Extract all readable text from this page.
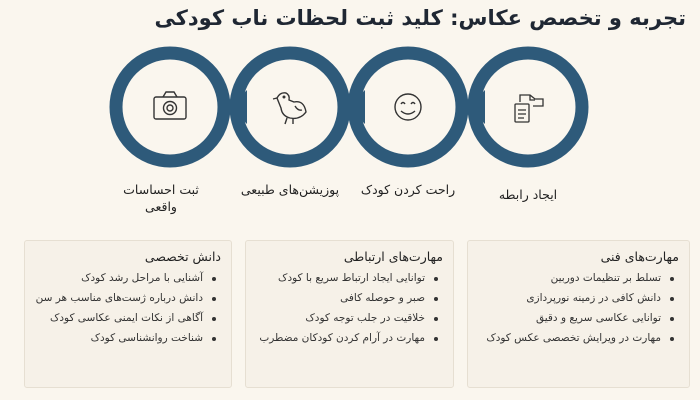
تجربه و تخصص عکاس: کلید ثبت لحظات ناب کودکی
ایجاد رابطه
راحت کردن کودک
پوزیشن‌های طبیعی
ثبت احساسات واقعی
مهارت‌های فنی
تسلط بر تنظیمات دوربین
دانش کافی در زمینه نورپردازی
توانایی عکاسی سریع و دقیق
مهارت در ویرایش تخصصی عکس کودک
مهارت‌های ارتباطی
توانایی ایجاد ارتباط سریع با کودک
صبر و حوصله کافی
خلاقیت در جلب توجه کودک
مهارت در آرام کردن کودکان مضطرب
دانش تخصصی
آشنایی با مراحل رشد کودک
دانش درباره ژست‌های مناسب هر سن
آگاهی از نکات ایمنی عکاسی کودک
شناخت روانشناسی کودک
